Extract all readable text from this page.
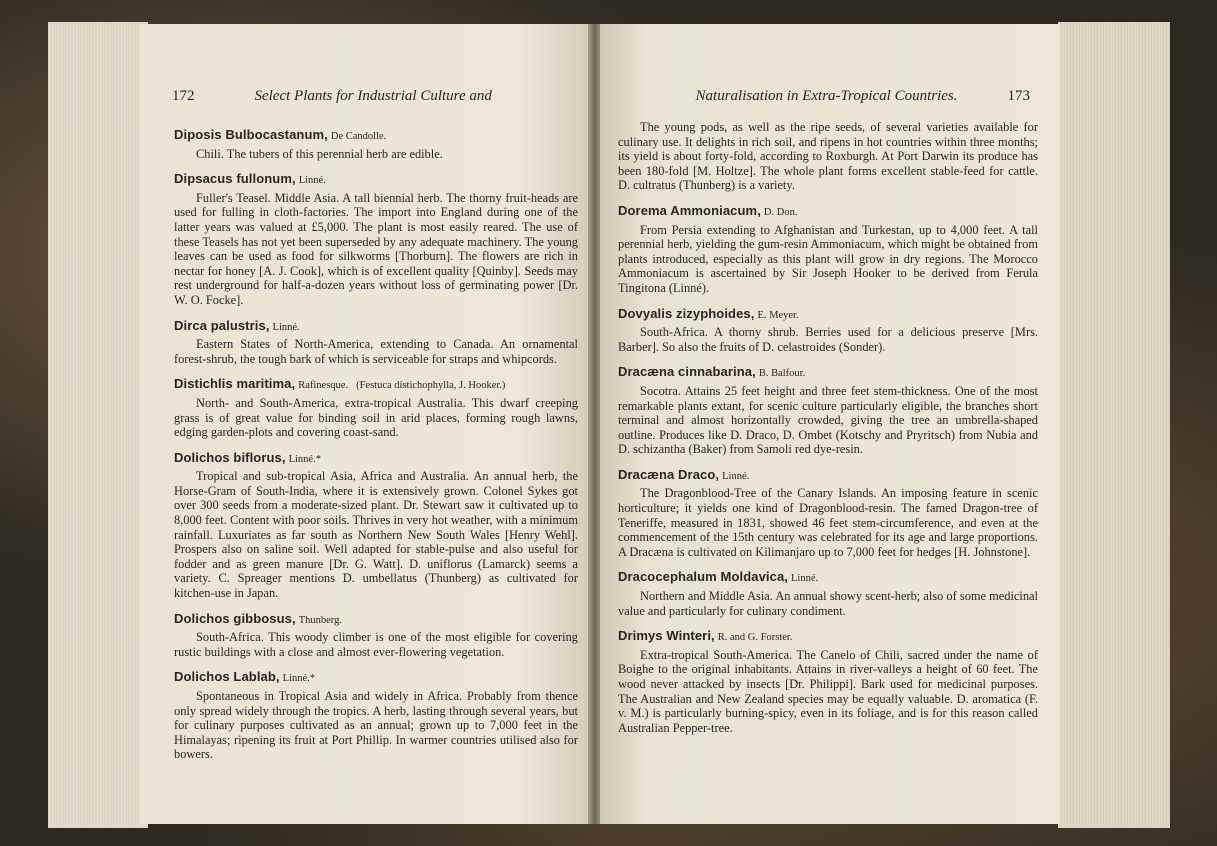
172	Select Plants for Industrial Culture and
Diposis Bulbocastanum, De Candolle.
Chili. The tubers of this perennial herb are edible.
Dipsacus fullonum, Linné.
Fuller's Teasel. Middle Asia. A tall biennial herb. The thorny fruit-heads are used for fulling in cloth-factories. The import into England during one of the latter years was valued at £5,000. The plant is most easily reared. The use of these Teasels has not yet been superseded by any adequate machinery. The young leaves can be used as food for silkworms [Thorburn]. The flowers are rich in nectar for honey [A. J. Cook], which is of excellent quality [Quinby]. Seeds may rest underground for half-a-dozen years without loss of germinating power [Dr. W. O. Focke].
Dirca palustris, Linné.
Eastern States of North-America, extending to Canada. An ornamental forest-shrub, the tough bark of which is serviceable for straps and whipcords.
Distichlis maritima, Rafinesque. (Festuca distichophylla, J. Hooker.)
North- and South-America, extra-tropical Australia. This dwarf creeping grass is of great value for binding soil in arid places, forming rough lawns, edging garden-plots and covering coast-sand.
Dolichos biflorus, Linné.*
Tropical and sub-tropical Asia, Africa and Australia. An annual herb, the Horse-Gram of South-India, where it is extensively grown. Colonel Sykes got over 300 seeds from a moderate-sized plant. Dr. Stewart saw it cultivated up to 8,000 feet. Content with poor soils. Thrives in very hot weather, with a minimum rainfall. Luxuriates as far south as Northern New South Wales [Henry Wehl]. Prospers also on saline soil. Well adapted for stable-pulse and also useful for fodder and as green manure [Dr. G. Watt]. D. uniflorus (Lamarck) seems a variety. C. Spreager mentions D. umbellatus (Thunberg) as cultivated for kitchen-use in Japan.
Dolichos gibbosus, Thunberg.
South-Africa. This woody climber is one of the most eligible for covering rustic buildings with a close and almost ever-flowering vegetation.
Dolichos Lablab, Linné.*
Spontaneous in Tropical Asia and widely in Africa. Probably from thence only spread widely through the tropics. A herb, lasting through several years, but for culinary purposes cultivated as an annual; grown up to 7,000 feet in the Himalayas; ripening its fruit at Port Phillip. In warmer countries utilised also for bowers.
Naturalisation in Extra-Tropical Countries.	173
The young pods, as well as the ripe seeds, of several varieties available for culinary use. It delights in rich soil, and ripens in hot countries within three months; its yield is about forty-fold, according to Roxburgh. At Port Darwin its produce has been 180-fold [M. Holtze]. The whole plant forms excellent stable-feed for cattle. D. cultratus (Thunberg) is a variety.
Dorema Ammoniacum, D. Don.
From Persia extending to Afghanistan and Turkestan, up to 4,000 feet. A tall perennial herb, yielding the gum-resin Ammoniacum, which might be obtained from plants introduced, especially as this plant will grow in dry regions. The Morocco Ammoniacum is ascertained by Sir Joseph Hooker to be derived from Ferula Tingitona (Linné).
Dovyalis zizyphoides, E. Meyer.
South-Africa. A thorny shrub. Berries used for a delicious preserve [Mrs. Barber]. So also the fruits of D. celastroides (Sonder).
Dracæna cinnabarina, B. Balfour.
Socotra. Attains 25 feet height and three feet stem-thickness. One of the most remarkable plants extant, for scenic culture particularly eligible, the branches short terminal and almost horizontally crowded, giving the tree an umbrella-shaped outline. Produces like D. Draco, D. Ombet (Kotschy and Pryritsch) from Nubia and D. schizantha (Baker) from Samoli red dye-resin.
Dracæna Draco, Linné.
The Dragonblood-Tree of the Canary Islands. An imposing feature in scenic horticulture; it yields one kind of Dragonblood-resin. The famed Dragon-tree of Teneriffe, measured in 1831, showed 46 feet stem-circumference, and even at the commencement of the 15th century was celebrated for its age and large proportions. A Dracæna is cultivated on Kilimanjaro up to 7,000 feet for hedges [H. Johnstone].
Dracocephalum Moldavica, Linné.
Northern and Middle Asia. An annual showy scent-herb; also of some medicinal value and particularly for culinary condiment.
Drimys Winteri, R. and G. Forster.
Extra-tropical South-America. The Canelo of Chili, sacred under the name of Boighe to the original inhabitants. Attains in river-valleys a height of 60 feet. The wood never attacked by insects [Dr. Philippi]. Bark used for medicinal purposes. The Australian and New Zealand species may be equally valuable. D. aromatica (F. v. M.) is particularly burning-spicy, even in its foliage, and is for this reason called Australian Pepper-tree.
